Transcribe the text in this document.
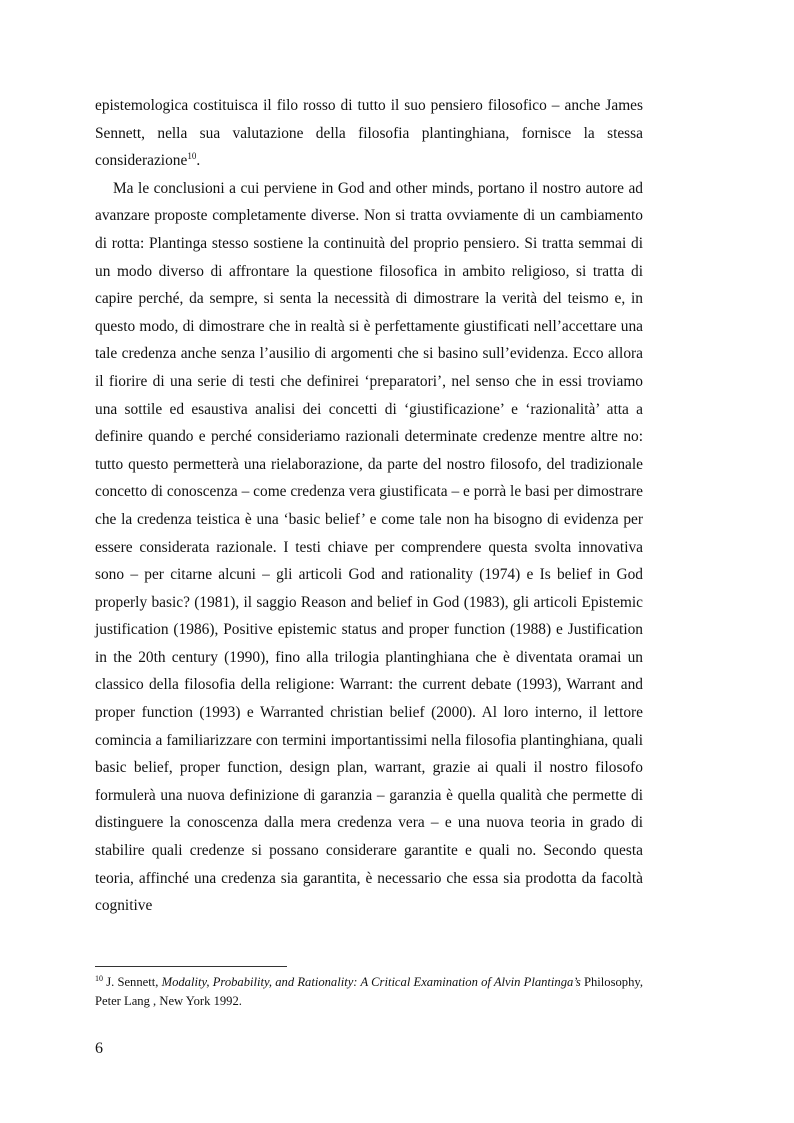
epistemologica costituisca il filo rosso di tutto il suo pensiero filosofico – anche James Sennett, nella sua valutazione della filosofia plantinghiana, fornisce la stessa considerazione$^{10}$.

Ma le conclusioni a cui perviene in God and other minds, portano il nostro autore ad avanzare proposte completamente diverse. Non si tratta ovviamente di un cambiamento di rotta: Plantinga stesso sostiene la continuità del proprio pensiero. Si tratta semmai di un modo diverso di affrontare la questione filosofica in ambito religioso, si tratta di capire perché, da sempre, si senta la necessità di dimostrare la verità del teismo e, in questo modo, di dimostrare che in realtà si è perfettamente giustificati nell’accettare una tale credenza anche senza l’ausilio di argomenti che si basino sull’evidenza. Ecco allora il fiorire di una serie di testi che definirei ‘preparatori’, nel senso che in essi troviamo una sottile ed esaustiva analisi dei concetti di ‘giustificazione’ e ‘razionalità’ atta a definire quando e perché consideriamo razionali determinate credenze mentre altre no: tutto questo permetterà una rielaborazione, da parte del nostro filosofo, del tradizionale concetto di conoscenza – come credenza vera giustificata – e porrà le basi per dimostrare che la credenza teistica è una ‘basic belief’ e come tale non ha bisogno di evidenza per essere considerata razionale. I testi chiave per comprendere questa svolta innovativa sono – per citarne alcuni – gli articoli God and rationality (1974) e Is belief in God properly basic? (1981), il saggio Reason and belief in God (1983), gli articoli Epistemic justification (1986), Positive epistemic status and proper function (1988) e Justification in the 20th century (1990), fino alla trilogia plantinghiana che è diventata oramai un classico della filosofia della religione: Warrant: the current debate (1993), Warrant and proper function (1993) e Warranted christian belief (2000). Al loro interno, il lettore comincia a familiarizzare con termini importantissimi nella filosofia plantinghiana, quali basic belief, proper function, design plan, warrant, grazie ai quali il nostro filosofo formulerà una nuova definizione di garanzia – garanzia è quella qualità che permette di distinguere la conoscenza dalla mera credenza vera – e una nuova teoria in grado di stabilire quali credenze si possano considerare garantite e quali no. Secondo questa teoria, affinché una credenza sia garantita, è necessario che essa sia prodotta da facoltà cognitive

$^{10}$ J. Sennett, Modality, Probability, and Rationality: A Critical Examination of Alvin Plantinga’s Philosophy, Peter Lang , New York 1992.
6
